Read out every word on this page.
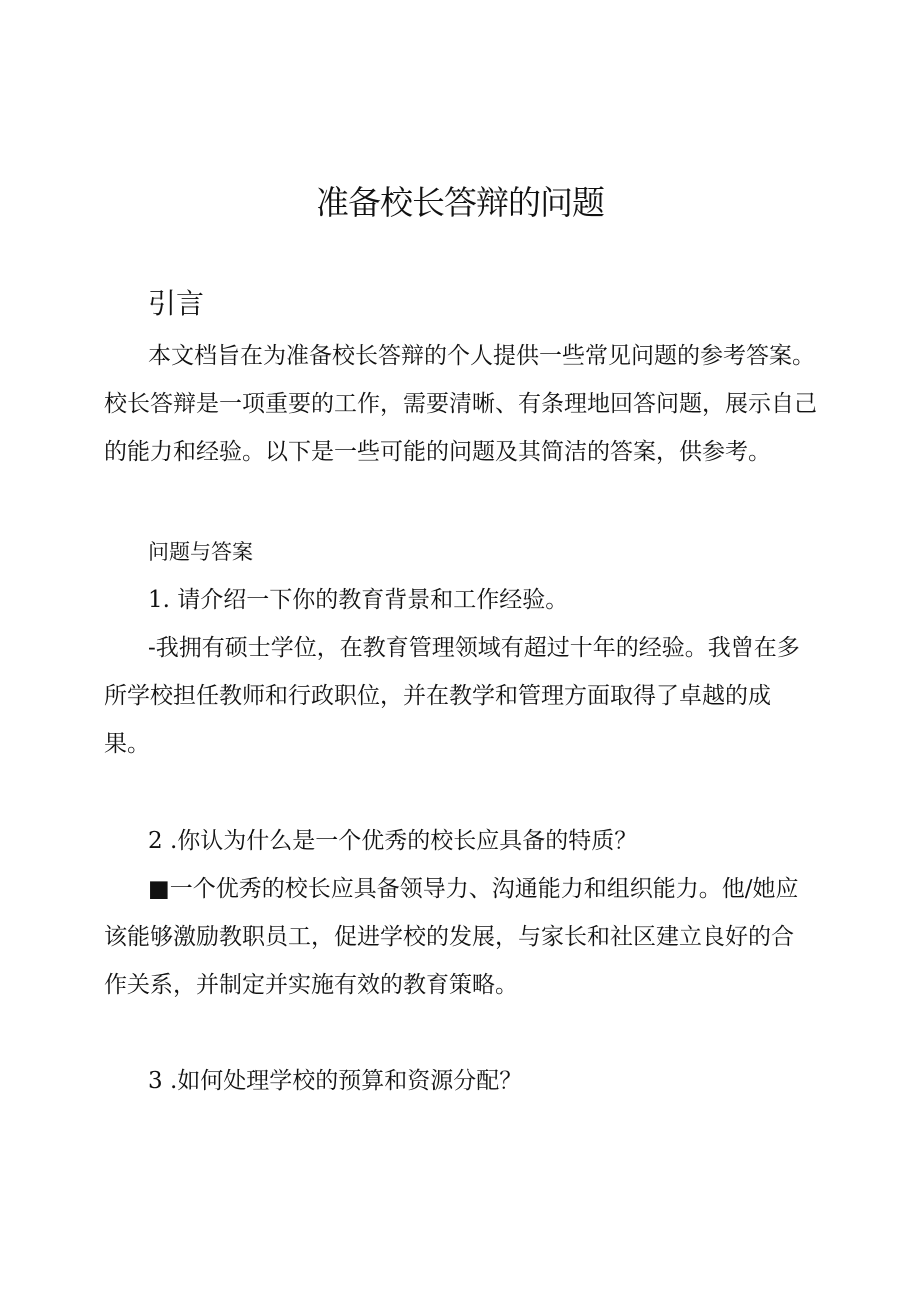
准备校长答辩的问题
引言
本文档旨在为准备校长答辩的个人提供一些常见问题的参考答案。
校长答辩是一项重要的工作，需要清晰、有条理地回答问题，展示自己
的能力和经验。以下是一些可能的问题及其简洁的答案，供参考。
问题与答案
1. 请介绍一下你的教育背景和工作经验。
-我拥有硕士学位，在教育管理领域有超过十年的经验。我曾在多
所学校担任教师和行政职位，并在教学和管理方面取得了卓越的成
果。
2 .你认为什么是一个优秀的校长应具备的特质？
■一个优秀的校长应具备领导力、沟通能力和组织能力。他/她应
该能够激励教职员工，促进学校的发展，与家长和社区建立良好的合
作关系，并制定并实施有效的教育策略。
3 .如何处理学校的预算和资源分配？
